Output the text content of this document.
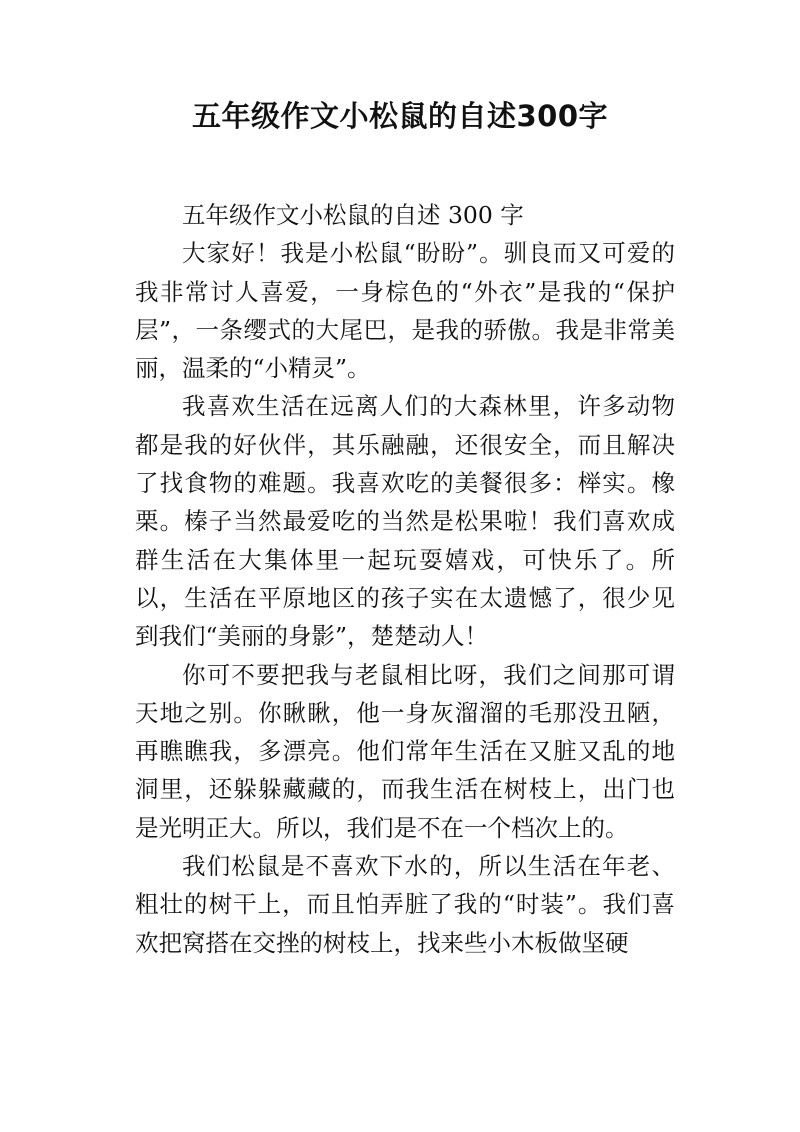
五年级作文小松鼠的自述300字

五年级作文小松鼠的自述 300 字

大家好！我是小松鼠“盼盼”。驯良而又可爱的我非常讨人喜爱，一身棕色的“外衣”是我的“保护层”，一条缨式的大尾巴，是我的骄傲。我是非常美丽，温柔的“小精灵”。

我喜欢生活在远离人们的大森林里，许多动物都是我的好伙伴，其乐融融，还很安全，而且解决了找食物的难题。我喜欢吃的美餐很多：榉实。橡栗。榛子当然最爱吃的当然是松果啦！我们喜欢成群生活在大集体里一起玩耍嬉戏，可快乐了。所以，生活在平原地区的孩子实在太遗憾了，很少见到我们“美丽的身影”，楚楚动人！

你可不要把我与老鼠相比呀，我们之间那可谓天地之别。你瞅瞅，他一身灰溜溜的毛那没丑陋，再瞧瞧我，多漂亮。他们常年生活在又脏又乱的地洞里，还躲躲藏藏的，而我生活在树枝上，出门也是光明正大。所以，我们是不在一个档次上的。

我们松鼠是不喜欢下水的，所以生活在年老、粗壮的树干上，而且怕弄脏了我的“时装”。我们喜欢把窝搭在交挫的树枝上，找来些小木板做坚硬
